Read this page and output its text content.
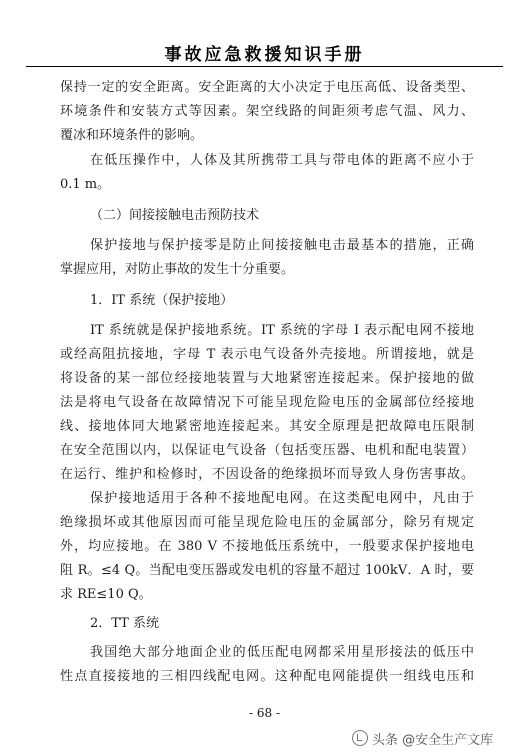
事故应急救援知识手册
保持一定的安全距离。安全距离的大小决定于电压高低、设备类型、
环境条件和安装方式等因素。架空线路的间距须考虑气温、风力、
覆冰和环境条件的影响。
在低压操作中，人体及其所携带工具与带电体的距离不应小于
0.1 m。
（二）间接接触电击预防技术
保护接地与保护接零是防止间接接触电击最基本的措施，正确
掌握应用，对防止事故的发生十分重要。
1．IT 系统（保护接地）
IT 系统就是保护接地系统。IT 系统的字母 I 表示配电网不接地
或经高阻抗接地，字母 T 表示电气设备外壳接地。所谓接地，就是
将设备的某一部位经接地装置与大地紧密连接起来。保护接地的做
法是将电气设备在故障情况下可能呈现危险电压的金属部位经接地
线、接地体同大地紧密地连接起来。其安全原理是把故障电压限制
在安全范围以内，以保证电气设备（包括变压器、电机和配电装置）
在运行、维护和检修时，不因设备的绝缘损坏而导致人身伤害事故。
保护接地适用于各种不接地配电网。在这类配电网中，凡由于
绝缘损坏或其他原因而可能呈现危险电压的金属部分，除另有规定
外，均应接地。在 380 V 不接地低压系统中，一般要求保护接地电
阻 R。≤4 Q。当配电变压器或发电机的容量不超过 100kV．A 时，要
求 RE≤10 Q。
2．TT 系统
我国绝大部分地面企业的低压配电网都采用星形接法的低压中
性点直接接地的三相四线配电网。这种配电网能提供一组线电压和
- 68 -
头条 @安全生产文库
